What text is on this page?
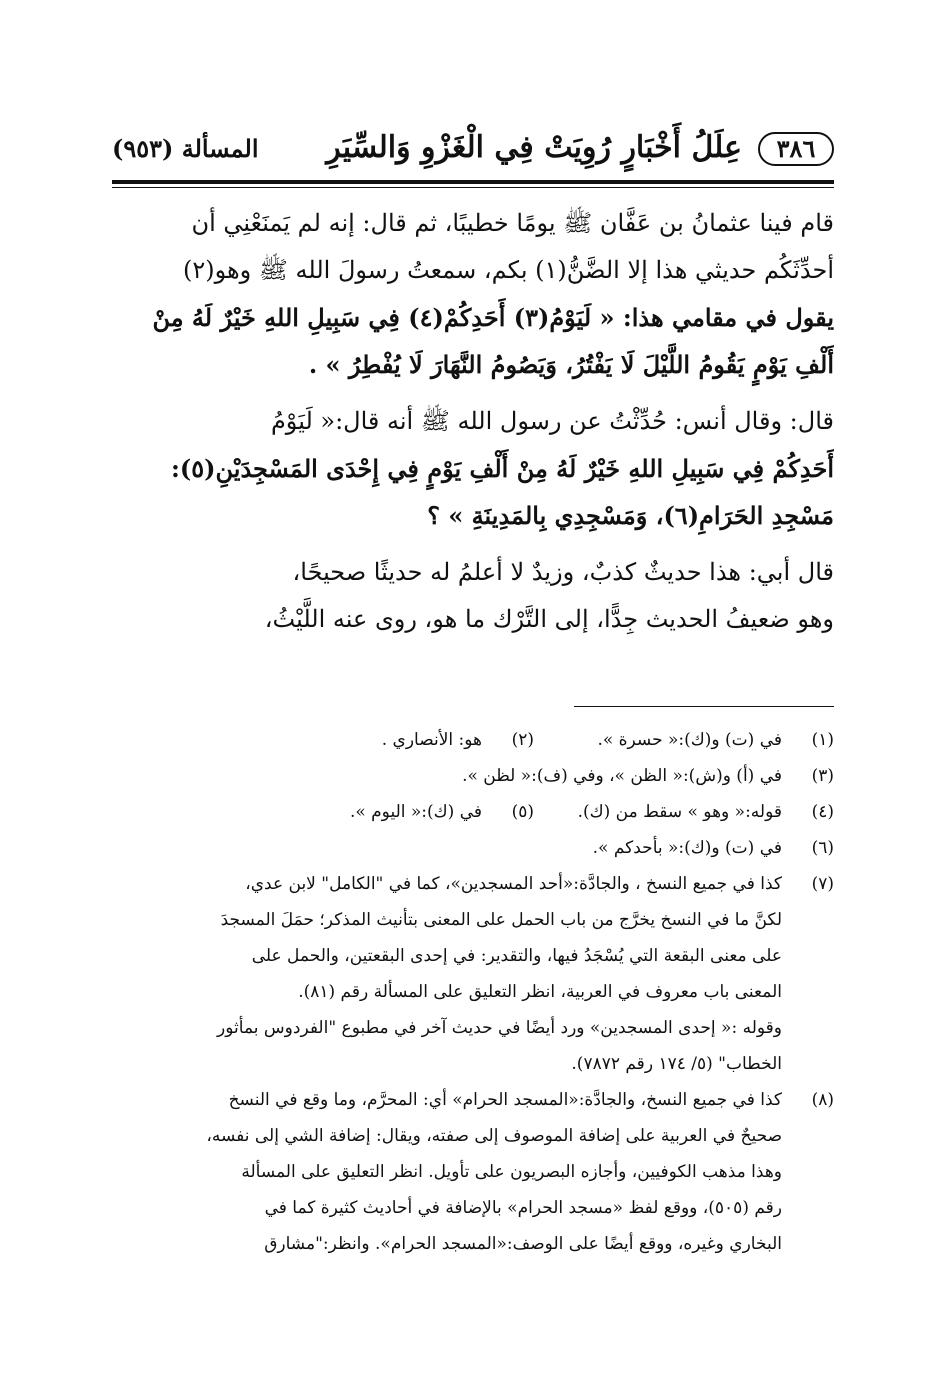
٣٨٦
عِلَلُ أَخْبَارٍ رُوِيَتْ فِي الْغَزْوِ وَالسِّيَرِ
المسألة (٩٥٣)
قام فينا عثمانُ بن عَفَّان ﷺ يومًا خطيبًا، ثم قال: إنه لم يَمنَعْنِي أن
أحدِّثَكُم حديثي هذا إلا الضَّنُّ(١) بكم، سمعتُ رسولَ الله ﷺ وهو(٢)
يقول في مقامي هذا: « لَيَوْمُ(٣) أَحَدِكُمْ(٤) فِي سَبِيلِ اللهِ خَيْرٌ لَهُ مِنْ
أَلْفِ يَوْمٍ يَقُومُ اللَّيْلَ لَا يَفْتُرُ، وَيَصُومُ النَّهَارَ لَا يُفْطِرُ » .
قال: وقال أنس: حُدِّثْتُ عن رسول الله ﷺ أنه قال:« لَيَوْمُ
أَحَدِكُمْ فِي سَبِيلِ اللهِ خَيْرٌ لَهُ مِنْ أَلْفِ يَوْمٍ فِي إِحْدَى المَسْجِدَيْنِ(٥):
مَسْجِدِ الحَرَامِ(٦)، وَمَسْجِدِي بِالمَدِينَةِ » ؟
قال أبي: هذا حديثٌ كذبٌ، وزيدٌ لا أعلمُ له حديثًا صحيحًا،
وهو ضعيفُ الحديث جِدًّا، إلى التَّرْك ما هو، روى عنه اللَّيْثُ،
(١)في (ت) و(ك):« حسرة ».
(٢)هو: الأنصاري .
(٣)
في (أ) و(ش):« الظن »، وفي (ف):« لظن ».
(٤)قوله:« وهو » سقط من (ك).
(٥)في (ك):« اليوم ».
(٦)
في (ت) و(ك):« بأحدكم ».
(٧)
كذا في جميع النسخ ، والجادَّة:«أحد المسجدين»، كما في "الكامل" لابن عدي،
لكنَّ ما في النسخ يخرَّج من باب الحمل على المعنى بتأنيث المذكر؛ حمَلَ المسجدَ
على معنى البقعة التي يُسْجَدُ فيها، والتقدير: في إحدى البقعتين، والحمل على
المعنى باب معروف في العربية، انظر التعليق على المسألة رقم (٨١).
وقوله :« إحدى المسجدين» ورد أيضًا في حديث آخر في مطبوع "الفردوس بمأثور
الخطاب" (٥/ ١٧٤ رقم ٧٨٧٢).
(٨)
كذا في جميع النسخ، والجادَّة:«المسجد الحرام» أي: المحرَّم، وما وقع في النسخ
صحيحٌ في العربية على إضافة الموصوف إلى صفته، ويقال: إضافة الشي إلى نفسه،
وهذا مذهب الكوفيين، وأجازه البصريون على تأويل. انظر التعليق على المسألة
رقم (٥٠٥)، ووقع لفظ «مسجد الحرام» بالإضافة في أحاديث كثيرة كما في
البخاري وغيره، ووقع أيضًا على الوصف:«المسجد الحرام». وانظر:"مشارق
